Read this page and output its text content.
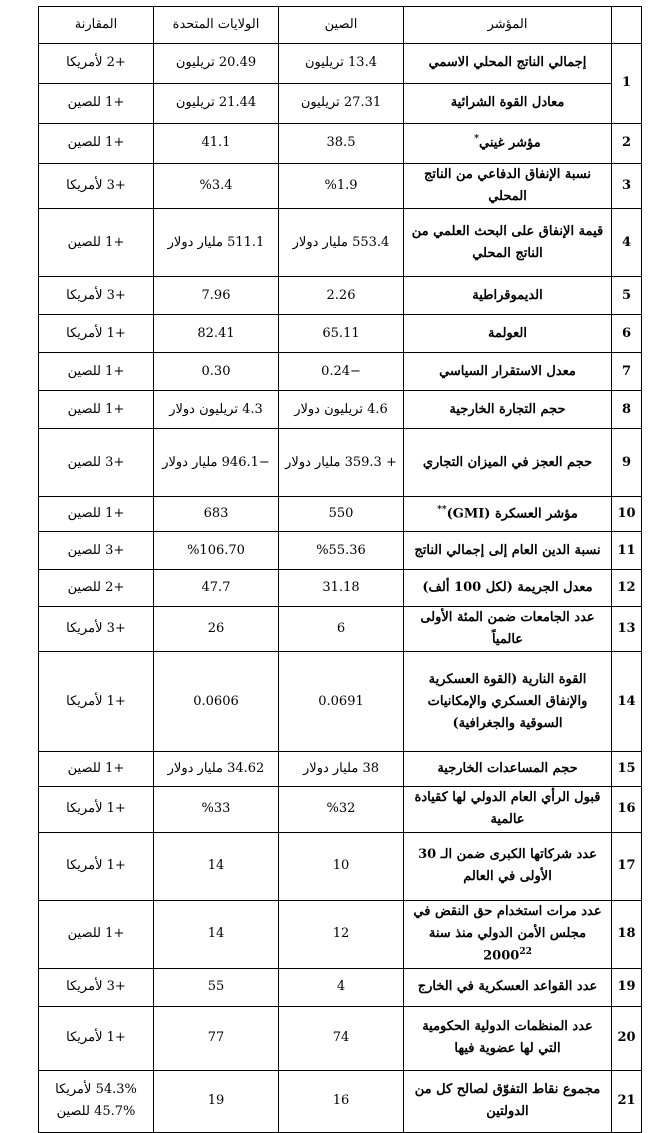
	المؤشر	الصين	الولايات المتحدة	المقارنة
1	إجمالي الناتج المحلي الاسمي	13.4 تريليون	20.49 تريليون	+2 لأمريكا
	معادل القوة الشرائية	27.31 تريليون	21.44 تريليون	+1 للصين
2	مؤشر غيني*	38.5	41.1	+1 للصين
3	نسبة الإنفاق الدفاعي من الناتج المحلي	%1.9	%3.4	+3 لأمريكا
4	قيمة الإنفاق على البحث العلمي من الناتج المحلي	553.4 مليار دولار	511.1 مليار دولار	+1 للصين
5	الديموقراطية	2.26	7.96	+3 لأمريكا
6	العولمة	65.11	82.41	+1 لأمريكا
7	معدل الاستقرار السياسي	−0.24	0.30	+1 للصين
8	حجم التجارة الخارجية	4.6 تريليون دولار	4.3 تريليون دولار	+1 للصين
9	حجم العجز في الميزان التجاري	+ 359.3 مليار دولار	−946.1 مليار دولار	+3 للصين
10	مؤشر العسكرة (GMI)**	550	683	+1 للصين
11	نسبة الدين العام إلى إجمالي الناتج	%55.36	%106.70	+3 للصين
12	معدل الجريمة (لكل 100 ألف)	31.18	47.7	+2 للصين
13	عدد الجامعات ضمن المئة الأولى عالمياً	6	26	+3 لأمريكا
14	القوة النارية (القوة العسكرية والإنفاق العسكري والإمكانيات السوقية والجغرافية)	0.0691	0.0606	+1 لأمريكا
15	حجم المساعدات الخارجية	38 مليار دولار	34.62 مليار دولار	+1 للصين
16	قبول الرأي العام الدولي لها كقيادة عالمية	%32	%33	+1 لأمريكا
17	عدد شركاتها الكبرى ضمن الـ 30 الأولى في العالم	10	14	+1 لأمريكا
18	عدد مرات استخدام حق النقض في مجلس الأمن الدولي منذ سنة 2000$^{22}$	12	14	+1 للصين
19	عدد القواعد العسكرية في الخارج	4	55	+3 لأمريكا
20	عدد المنظمات الدولية الحكومية التي لها عضوية فيها	74	77	+1 لأمريكا
21	مجموع نقاط التفوّق لصالح كل من الدولتين	16	19	54.3% لأمريكا
45.7% للصين
